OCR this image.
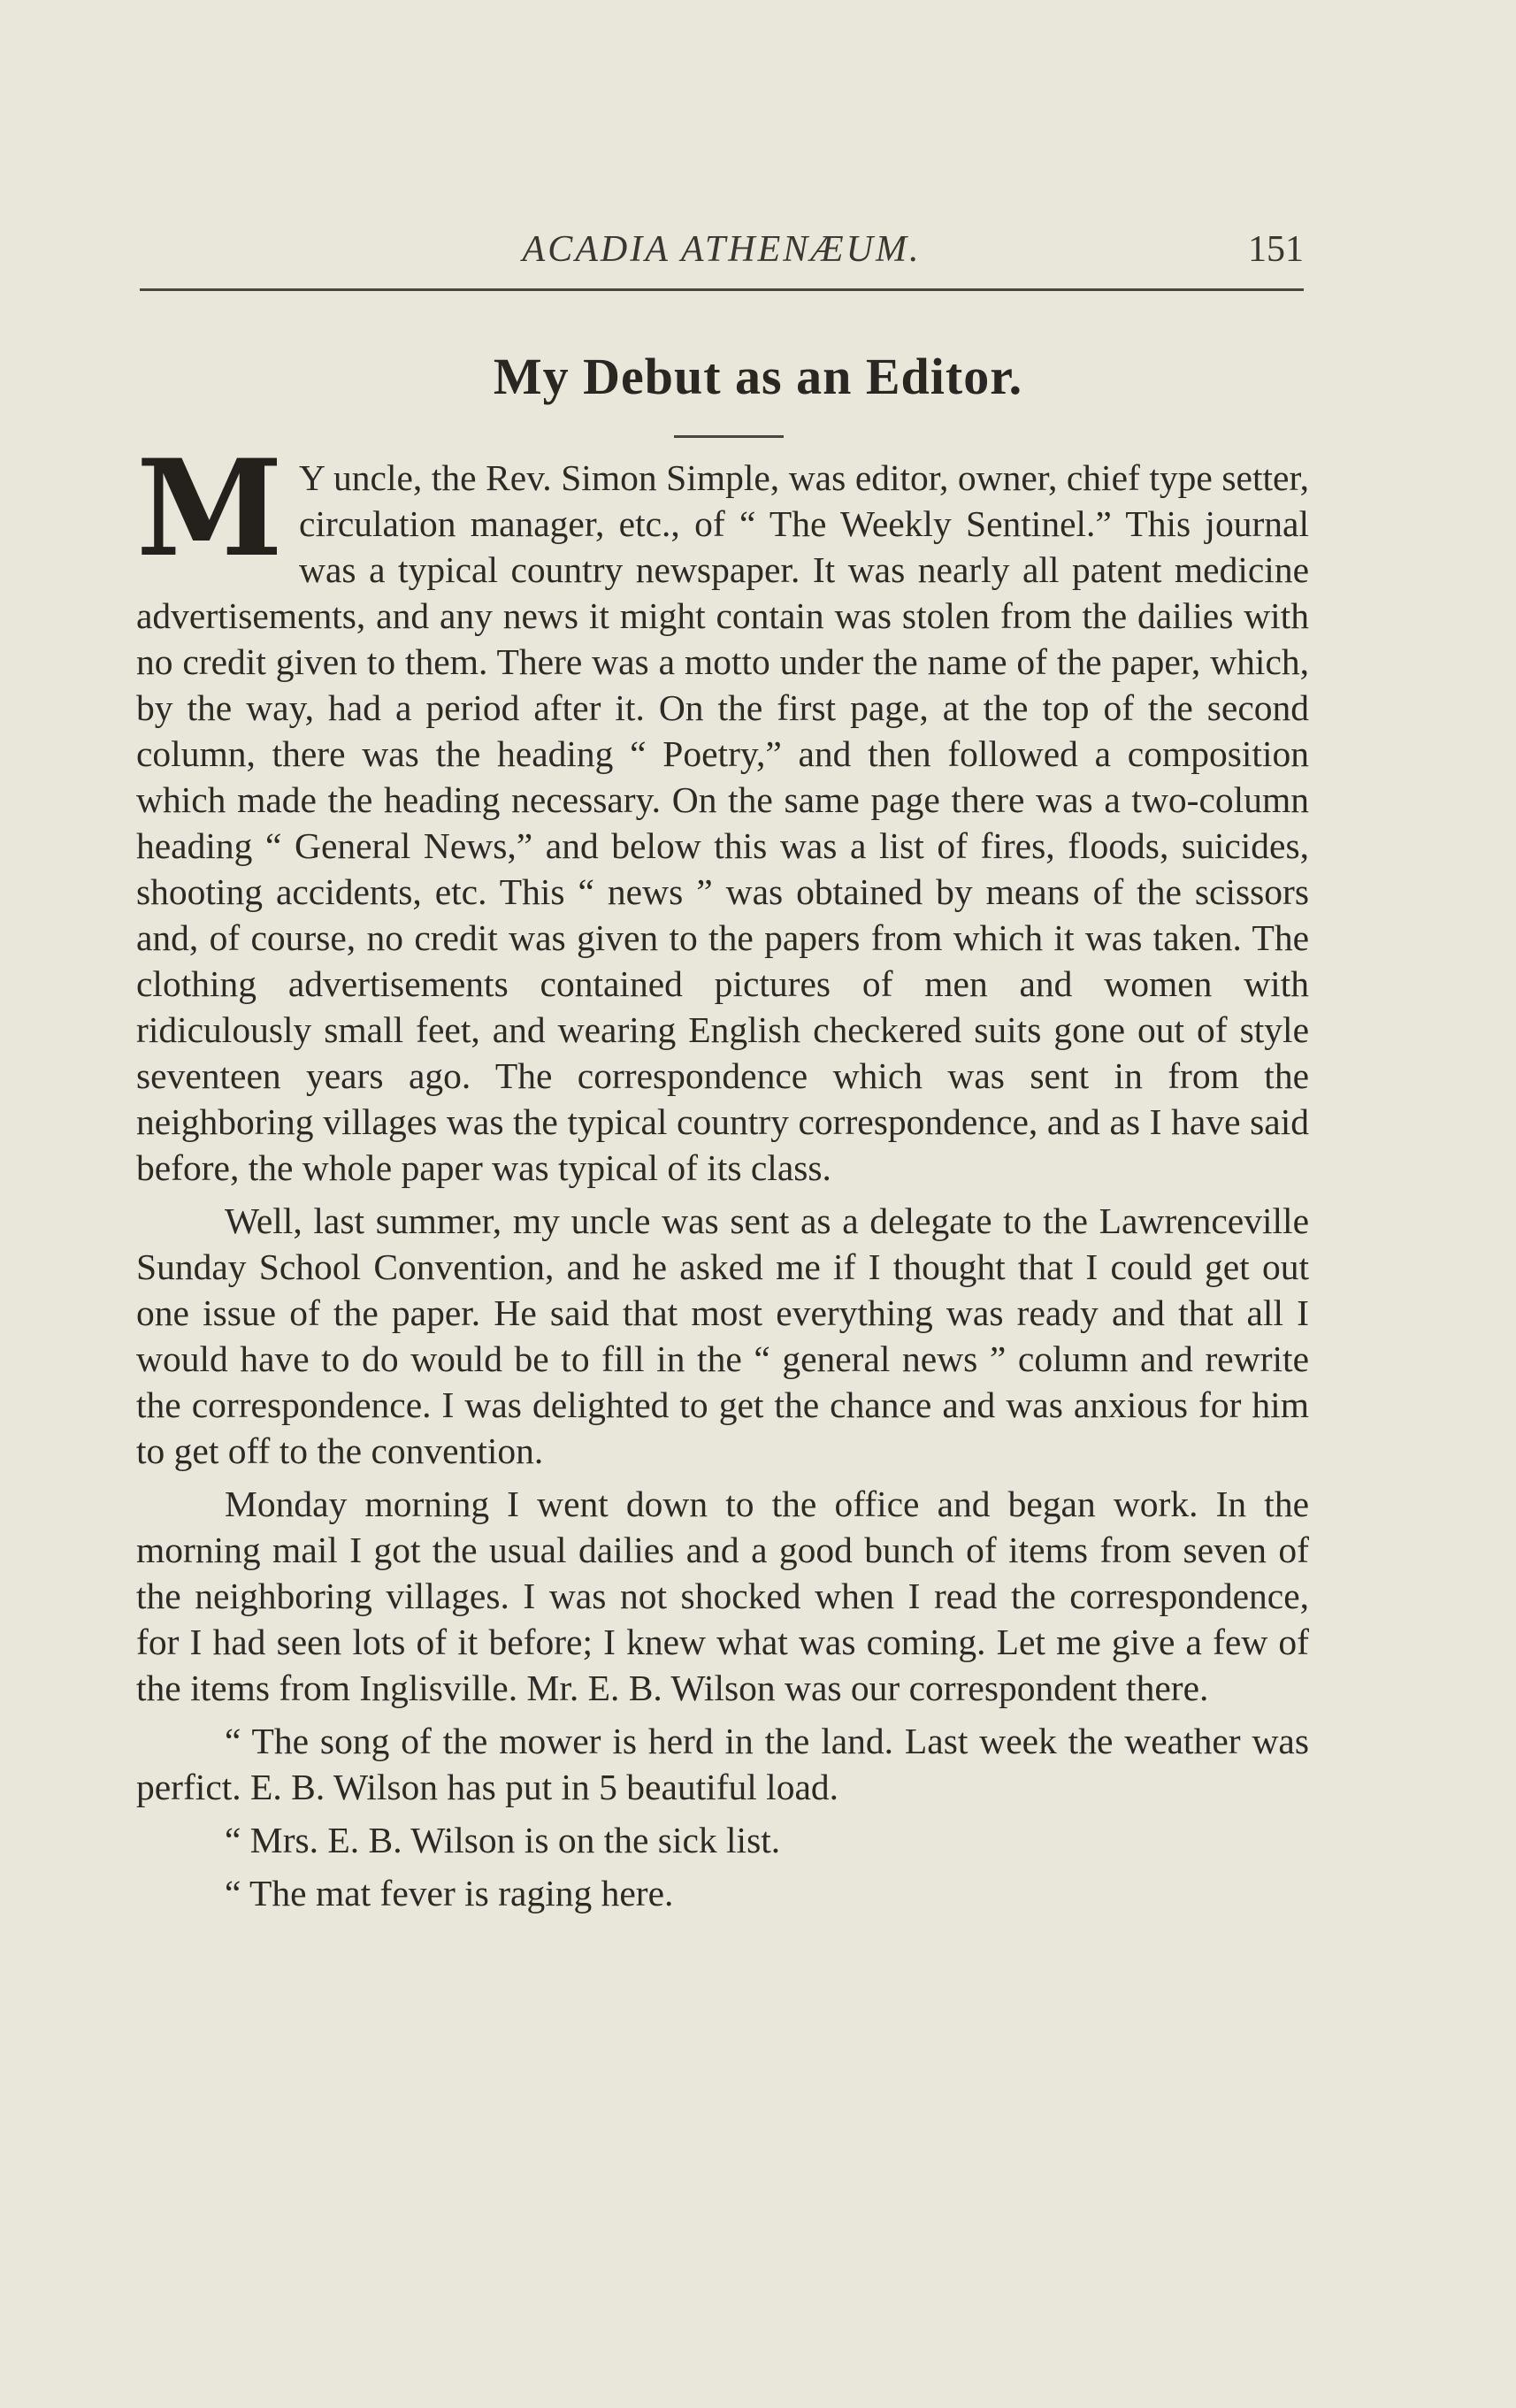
ACADIA ATHENÆUM.	151
My Debut as an Editor.

M Y uncle, the Rev. Simon Simple, was editor, owner, chief type setter, circulation manager, etc., of “ The Weekly Sentinel.” This journal was a typical country newspaper. It was nearly all patent medicine advertisements, and any news it might contain was stolen from the dailies with no credit given to them. There was a motto under the name of the paper, which, by the way, had a period after it. On the first page, at the top of the second column, there was the heading “ Poetry,” and then followed a composition which made the heading necessary. On the same page there was a two-column heading “ General News,” and below this was a list of fires, floods, suicides, shooting accidents, etc. This “ news ” was obtained by means of the scissors and, of course, no credit was given to the papers from which it was taken. The clothing advertisements contained pictures of men and women with ridiculously small feet, and wearing English checkered suits gone out of style seventeen years ago. The correspondence which was sent in from the neighboring villages was the typical country correspondence, and as I have said before, the whole paper was typical of its class.

Well, last summer, my uncle was sent as a delegate to the Lawrenceville Sunday School Convention, and he asked me if I thought that I could get out one issue of the paper. He said that most everything was ready and that all I would have to do would be to fill in the “ general news ” column and rewrite the correspondence. I was delighted to get the chance and was anxious for him to get off to the convention.

Monday morning I went down to the office and began work. In the morning mail I got the usual dailies and a good bunch of items from seven of the neighboring villages. I was not shocked when I read the correspondence, for I had seen lots of it before; I knew what was coming. Let me give a few of the items from Inglisville. Mr. E. B. Wilson was our correspondent there.

“ The song of the mower is herd in the land. Last week the weather was perfict. E. B. Wilson has put in 5 beautiful load.

“ Mrs. E. B. Wilson is on the sick list.

“ The mat fever is raging here.
